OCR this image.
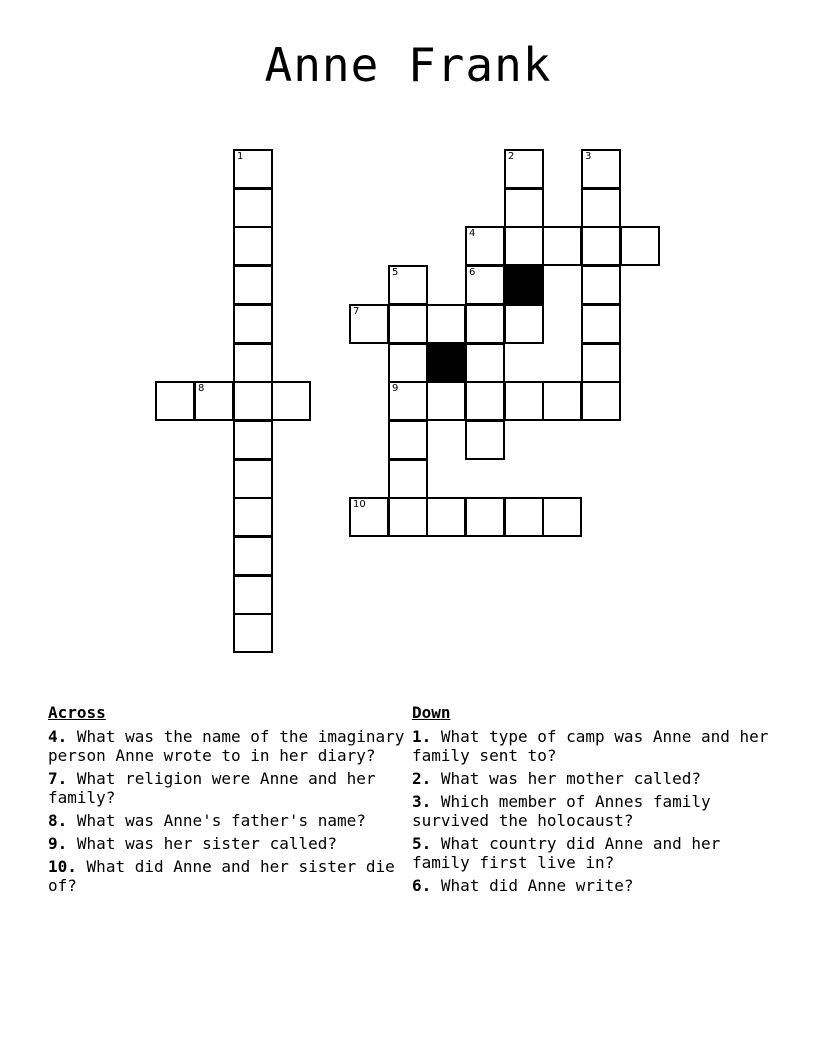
Anne Frank
1	2	3
4
5
9
6
7
8
10
Across
4. What was the name of the imaginary person Anne wrote to in her diary?
7. What religion were Anne and her family?
8. What was Anne's father's name?
9. What was her sister called?
10. What did Anne and her sister die of?
Down
1. What type of camp was Anne and her family sent to?
2. What was her mother called?
3. Which member of Annes family survived the holocaust?
5. What country did Anne and her family first live in?
6. What did Anne write?
